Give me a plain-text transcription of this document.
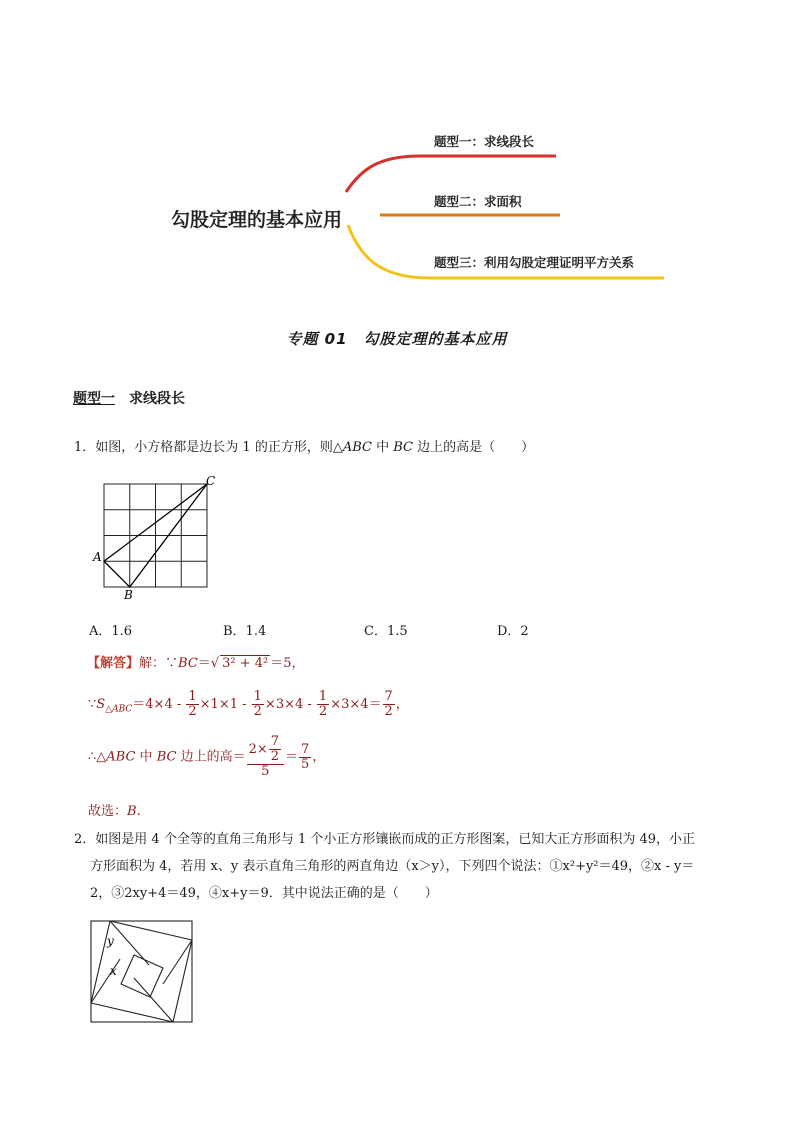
勾股定理的基本应用
题型一：求线段长
题型二：求面积
题型三：利用勾股定理证明平方关系
专题 01　勾股定理的基本应用
题型一 求线段长
1．如图，小方格都是边长为 1 的正方形，则△ABC 中 BC 边上的高是（　　）
A
B
C
A．1.6	B．1.4	C．1.5	D．2
【解答】解：∵BC＝√ 3² + 4² ＝5，
$\because S_{\triangle ABC}=4\times 4 - \frac{1}{2} \times 1\times 1 - \frac{1}{2} \times 3\times 4 - \frac{1}{2} \times 3\times 4= \frac{7}{2}$ ，
∴△ABC 中 BC 边上的高＝ $\frac{2\times \frac{7}{2}}{5} = \frac{7}{5}$ ，
故选：B.
2．如图是用 4 个全等的直角三角形与 1 个小正方形镶嵌而成的正方形图案，已知大正方形面积为 49，小正
方形面积为 4，若用 x、y 表示直角三角形的两直角边（x＞y），下列四个说法：①x²+y²＝49，②x - y＝
2，③2xy+4＝49，④x+y＝9．其中说法正确的是（　　）
y
x
